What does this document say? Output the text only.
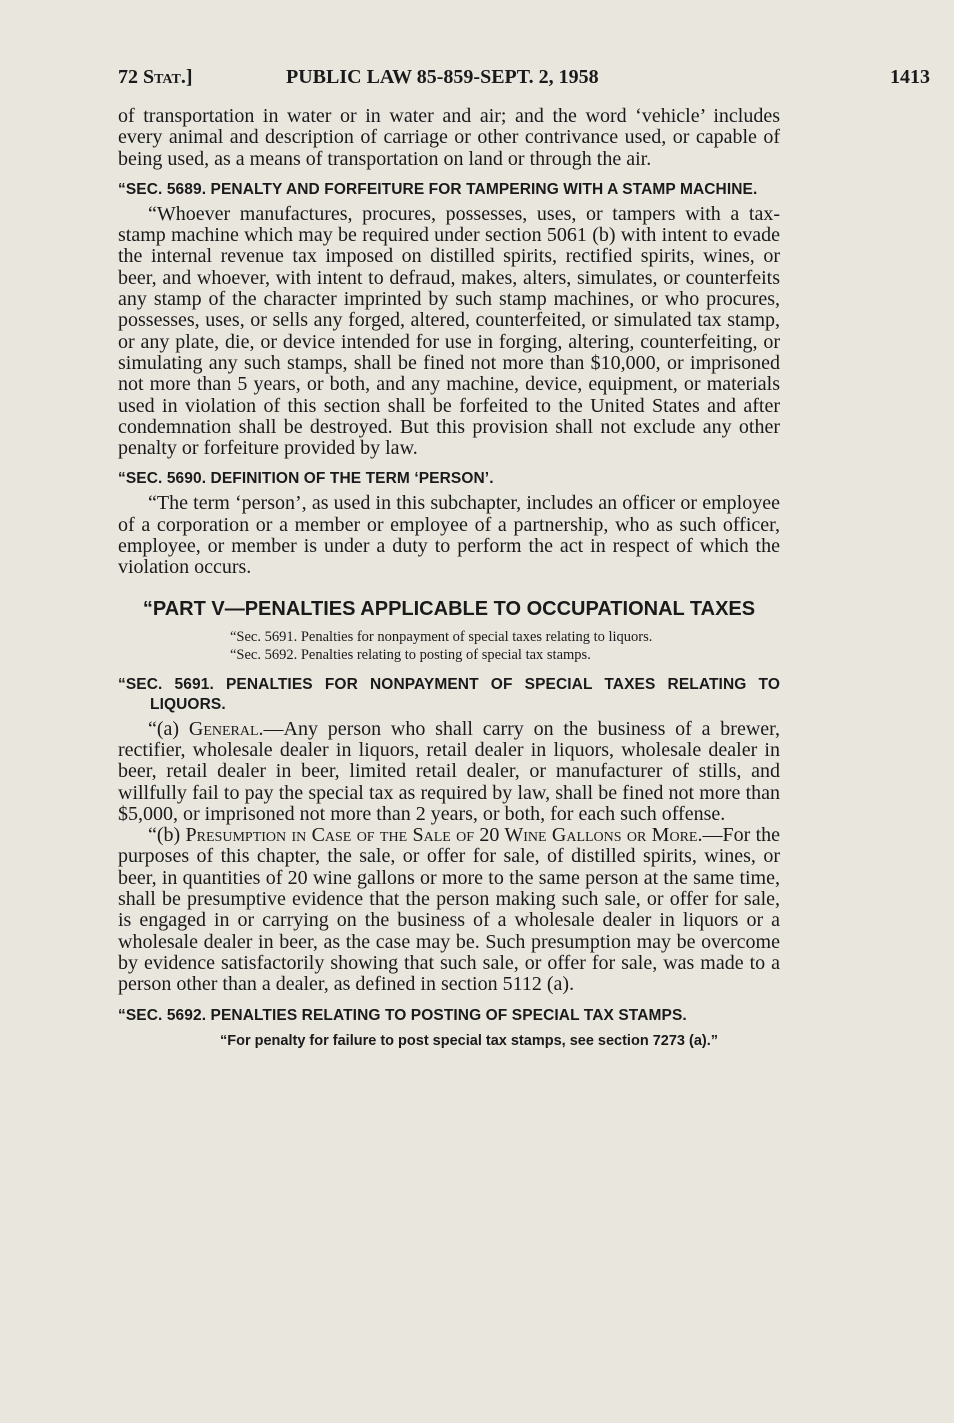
72 Stat.]	PUBLIC LAW 85-859-SEPT. 2, 1958	1413

of transportation in water or in water and air; and the word ‘vehicle’ includes every animal and description of carriage or other contrivance used, or capable of being used, as a means of transportation on land or through the air.

“SEC. 5689. PENALTY AND FORFEITURE FOR TAMPERING WITH A STAMP MACHINE.

“Whoever manufactures, procures, possesses, uses, or tampers with a tax-stamp machine which may be required under section 5061 (b) with intent to evade the internal revenue tax imposed on distilled spirits, rectified spirits, wines, or beer, and whoever, with intent to defraud, makes, alters, simulates, or counterfeits any stamp of the character imprinted by such stamp machines, or who procures, possesses, uses, or sells any forged, altered, counterfeited, or simulated tax stamp, or any plate, die, or device intended for use in forging, altering, counterfeiting, or simulating any such stamps, shall be fined not more than $10,000, or imprisoned not more than 5 years, or both, and any machine, device, equipment, or materials used in violation of this section shall be forfeited to the United States and after condemnation shall be destroyed. But this provision shall not exclude any other penalty or forfeiture provided by law.

“SEC. 5690. DEFINITION OF THE TERM ‘PERSON’.

“The term ‘person’, as used in this subchapter, includes an officer or employee of a corporation or a member or employee of a partnership, who as such officer, employee, or member is under a duty to perform the act in respect of which the violation occurs.

“PART V—PENALTIES APPLICABLE TO OCCUPATIONAL TAXES
“Sec. 5691. Penalties for nonpayment of special taxes relating to liquors.
“Sec. 5692. Penalties relating to posting of special tax stamps.
“SEC. 5691. PENALTIES FOR NONPAYMENT OF SPECIAL TAXES RELATING TO LIQUORS.

“(a) General.—Any person who shall carry on the business of a brewer, rectifier, wholesale dealer in liquors, retail dealer in liquors, wholesale dealer in beer, retail dealer in beer, limited retail dealer, or manufacturer of stills, and willfully fail to pay the special tax as required by law, shall be fined not more than $5,000, or imprisoned not more than 2 years, or both, for each such offense.

“(b) Presumption in Case of the Sale of 20 Wine Gallons or More.—For the purposes of this chapter, the sale, or offer for sale, of distilled spirits, wines, or beer, in quantities of 20 wine gallons or more to the same person at the same time, shall be presumptive evidence that the person making such sale, or offer for sale, is engaged in or carrying on the business of a wholesale dealer in liquors or a wholesale dealer in beer, as the case may be. Such presumption may be overcome by evidence satisfactorily showing that such sale, or offer for sale, was made to a person other than a dealer, as defined in section 5112 (a).

“SEC. 5692. PENALTIES RELATING TO POSTING OF SPECIAL TAX STAMPS.
“For penalty for failure to post special tax stamps, see section 7273 (a).”
